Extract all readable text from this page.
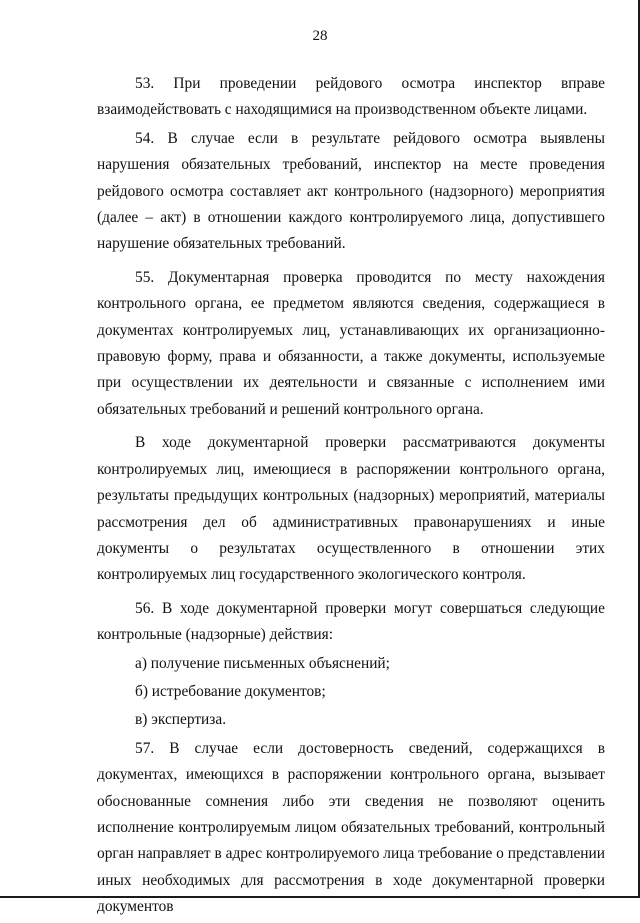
28

53. При проведении рейдового осмотра инспектор вправе взаимодействовать с находящимися на производственном объекте лицами.

54. В случае если в результате рейдового осмотра выявлены нарушения обязательных требований, инспектор на месте проведения рейдового осмотра составляет акт контрольного (надзорного) мероприятия (далее – акт) в отношении каждого контролируемого лица, допустившего нарушение обязательных требований.

55. Документарная проверка проводится по месту нахождения контрольного органа, ее предметом являются сведения, содержащиеся в документах контролируемых лиц, устанавливающих их организационно-правовую форму, права и обязанности, а также документы, используемые при осуществлении их деятельности и связанные с исполнением ими обязательных требований и решений контрольного органа.

В ходе документарной проверки рассматриваются документы контролируемых лиц, имеющиеся в распоряжении контрольного органа, результаты предыдущих контрольных (надзорных) мероприятий, материалы рассмотрения дел об административных правонарушениях и иные документы о результатах осуществленного в отношении этих контролируемых лиц государственного экологического контроля.

56. В ходе документарной проверки могут совершаться следующие контрольные (надзорные) действия:

а) получение письменных объяснений;

б) истребование документов;

в) экспертиза.

57. В случае если достоверность сведений, содержащихся в документах, имеющихся в распоряжении контрольного органа, вызывает обоснованные сомнения либо эти сведения не позволяют оценить исполнение контролируемым лицом обязательных требований, контрольный орган направляет в адрес контролируемого лица требование о представлении иных необходимых для рассмотрения в ходе документарной проверки документов
